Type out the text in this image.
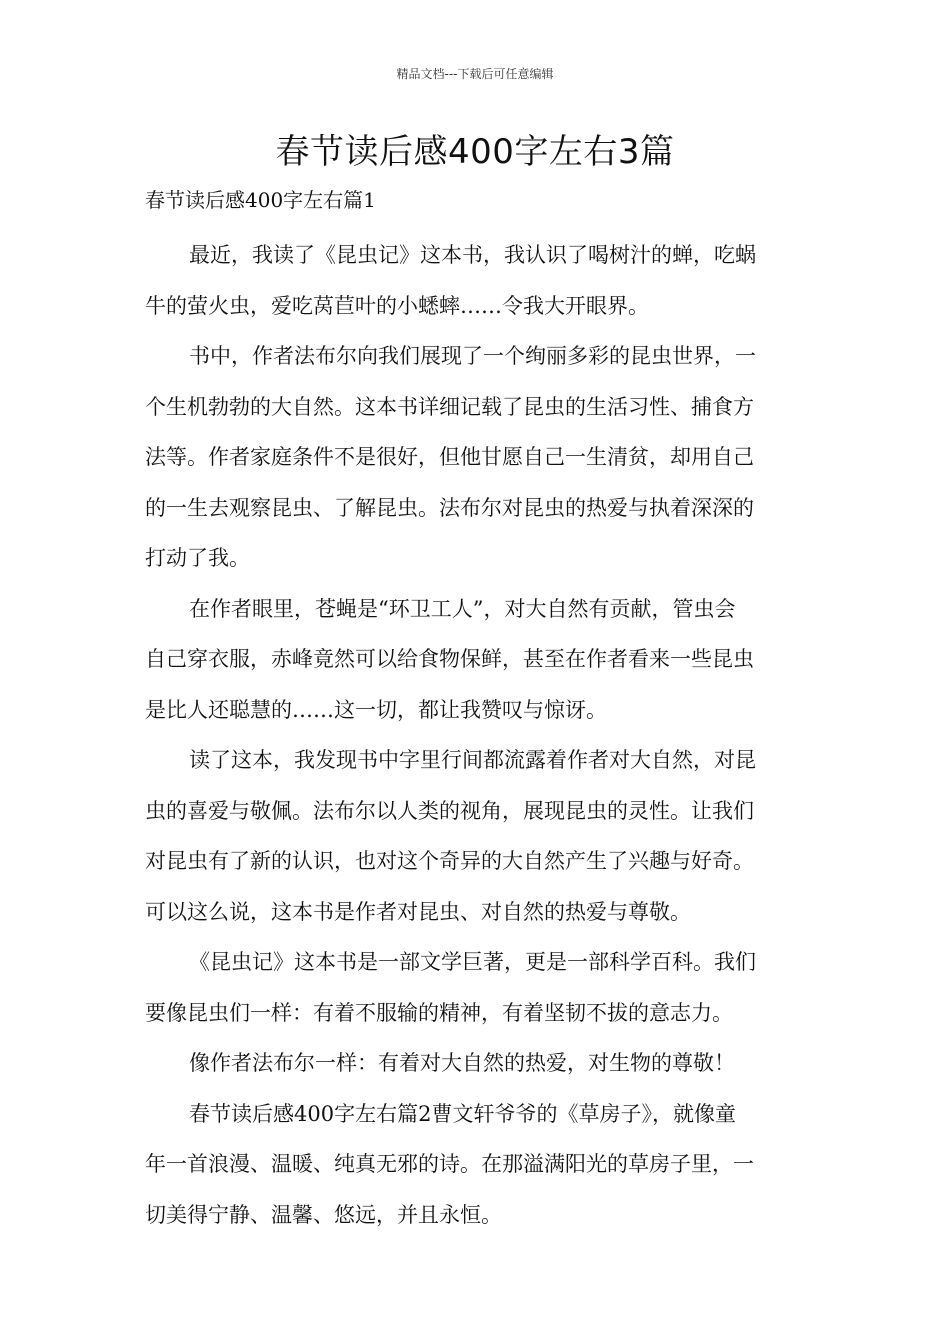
精品文档---下载后可任意编辑
春节读后感400字左右3篇
春节读后感400字左右篇1

最近，我读了《昆虫记》这本书，我认识了喝树汁的蝉，吃蜗
牛的萤火虫，爱吃莴苣叶的小蟋蟀……令我大开眼界。

书中，作者法布尔向我们展现了一个绚丽多彩的昆虫世界，一
个生机勃勃的大自然。这本书详细记载了昆虫的生活习性、捕食方
法等。作者家庭条件不是很好，但他甘愿自己一生清贫，却用自己
的一生去观察昆虫、了解昆虫。法布尔对昆虫的热爱与执着深深的
打动了我。

在作者眼里，苍蝇是“环卫工人”，对大自然有贡献，管虫会
自己穿衣服，赤峰竟然可以给食物保鲜，甚至在作者看来一些昆虫
是比人还聪慧的……这一切，都让我赞叹与惊讶。

读了这本，我发现书中字里行间都流露着作者对大自然，对昆
虫的喜爱与敬佩。法布尔以人类的视角，展现昆虫的灵性。让我们
对昆虫有了新的认识，也对这个奇异的大自然产生了兴趣与好奇。
可以这么说，这本书是作者对昆虫、对自然的热爱与尊敬。

《昆虫记》这本书是一部文学巨著，更是一部科学百科。我们
要像昆虫们一样：有着不服输的精神，有着坚韧不拔的意志力。

像作者法布尔一样：有着对大自然的热爱，对生物的尊敬！

春节读后感400字左右篇2曹文轩爷爷的《草房子》，就像童
年一首浪漫、温暖、纯真无邪的诗。在那溢满阳光的草房子里，一
切美得宁静、温馨、悠远，并且永恒。
